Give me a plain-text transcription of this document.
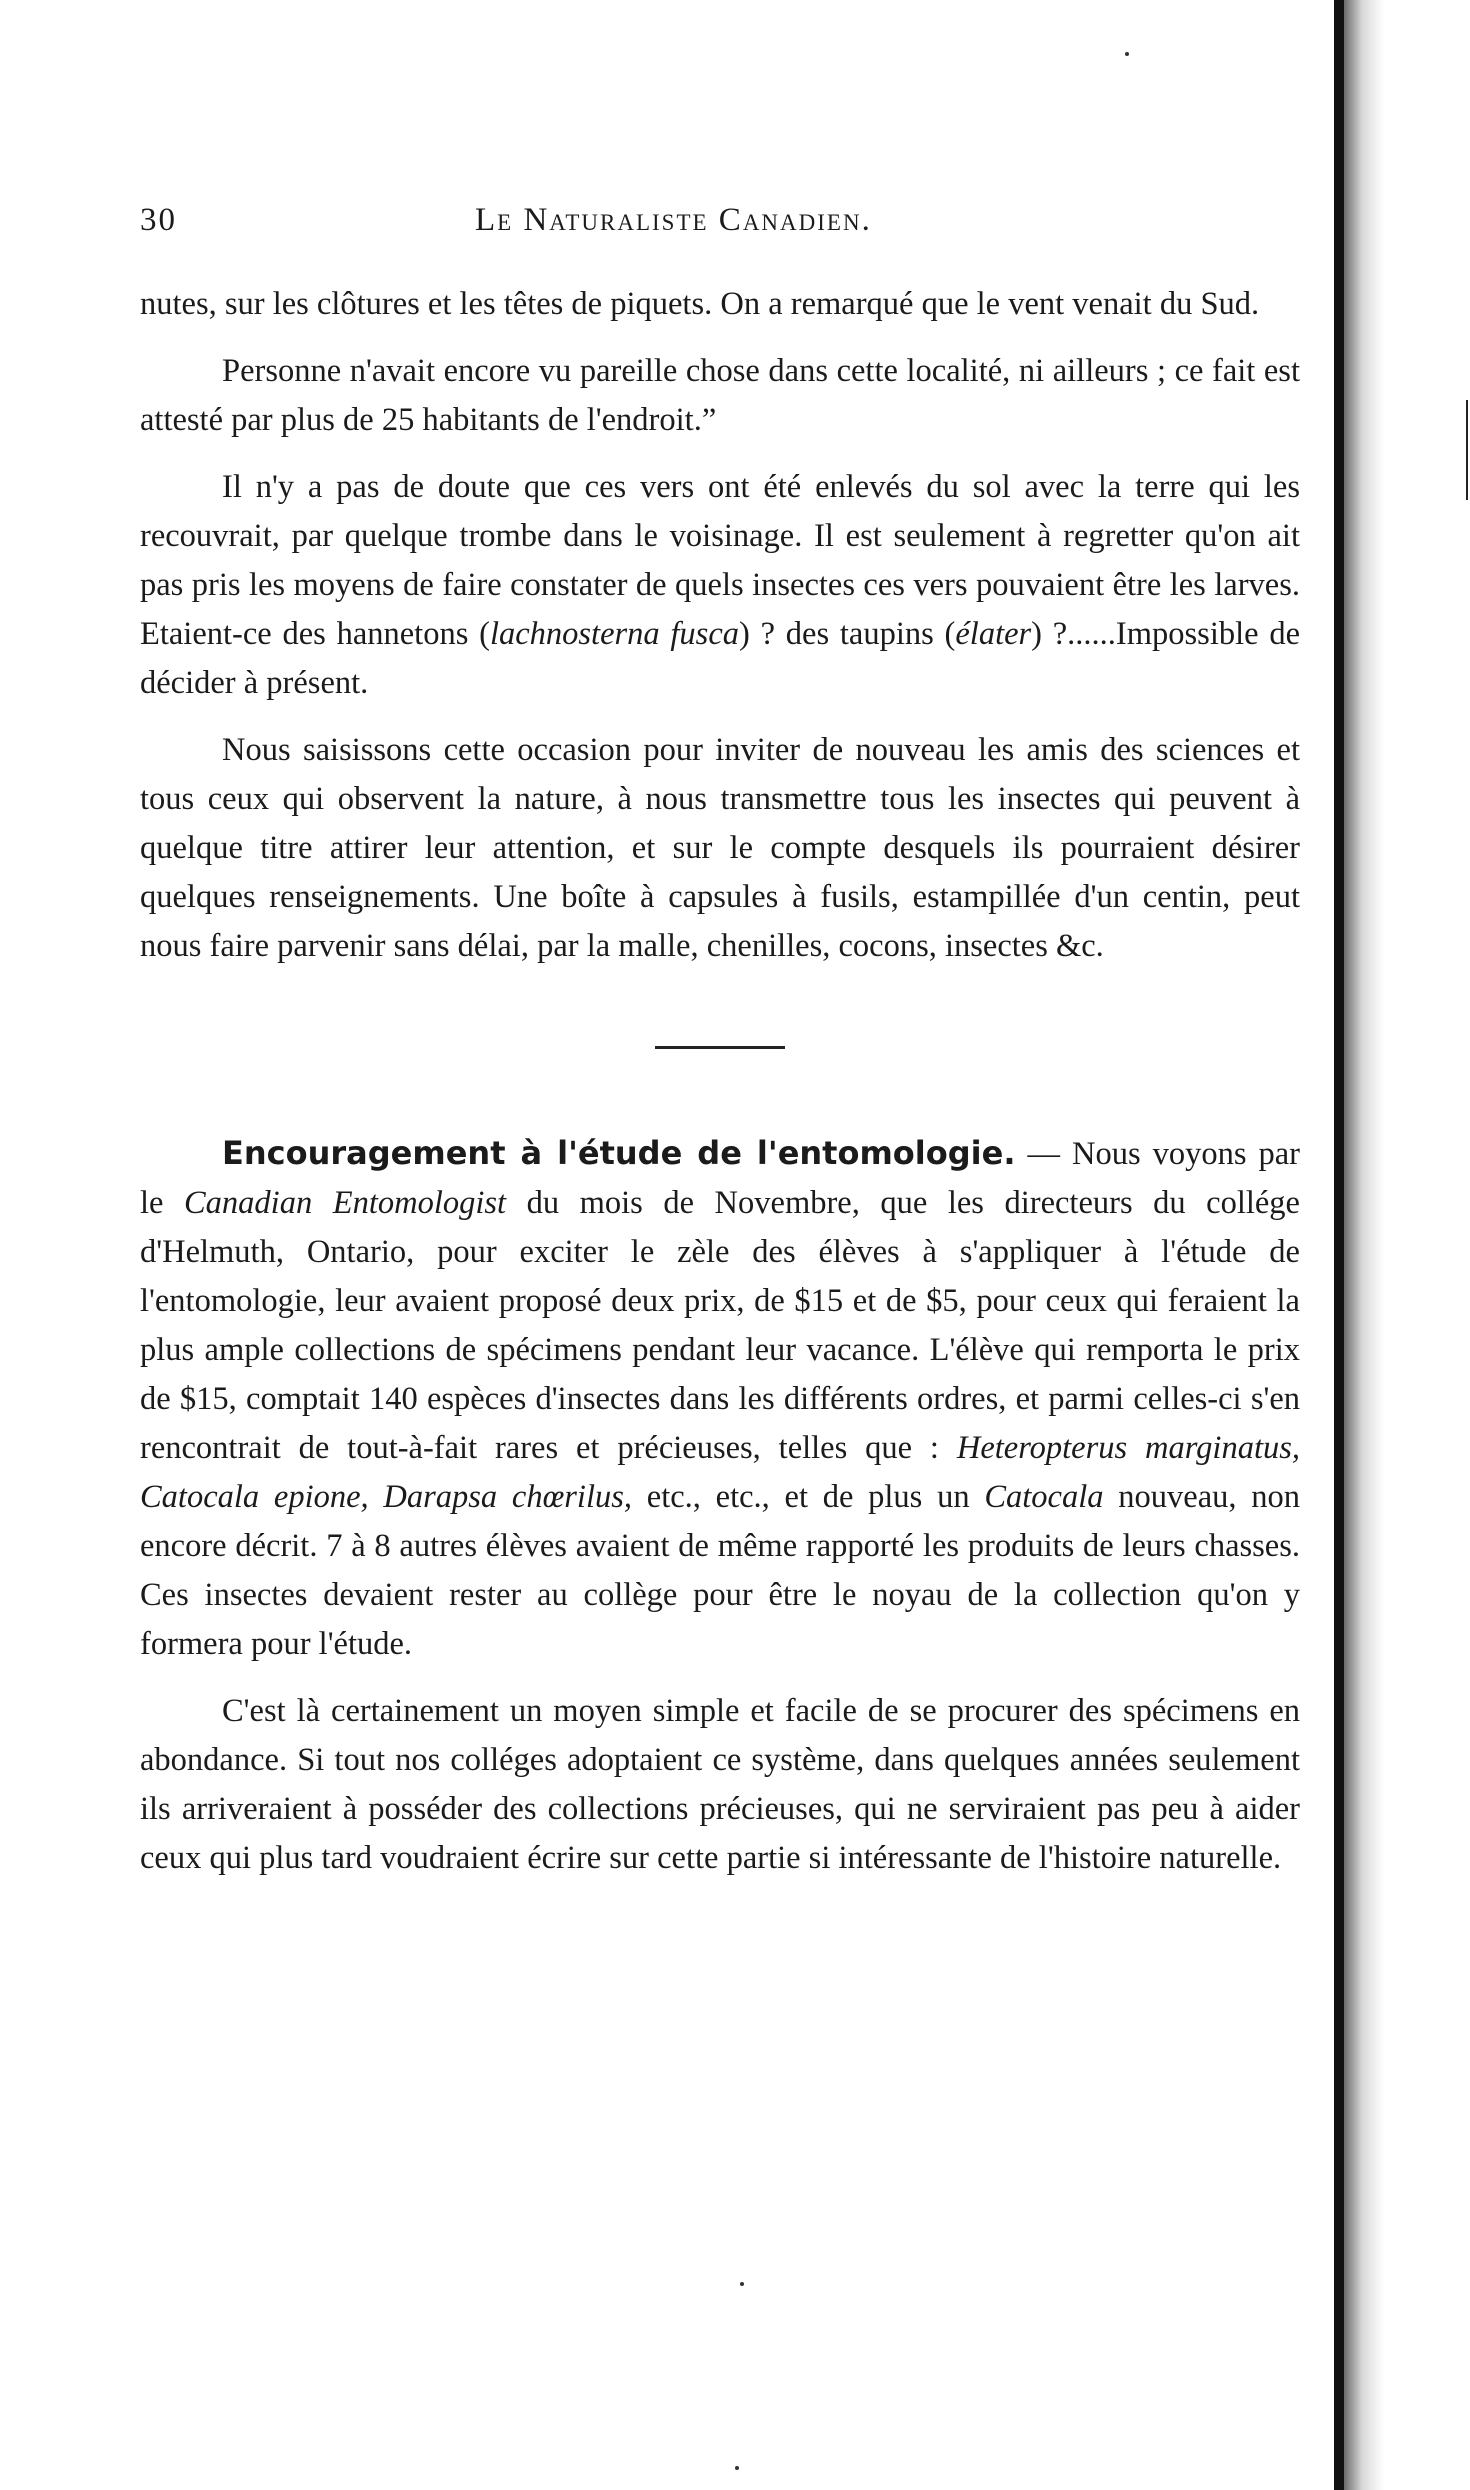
30	Le Naturaliste Canadien.

nutes, sur les clôtures et les têtes de piquets. On a remarqué que le vent venait du Sud.

Personne n'avait encore vu pareille chose dans cette localité, ni ailleurs ; ce fait est attesté par plus de 25 habitants de l'endroit.”

Il n'y a pas de doute que ces vers ont été enlevés du sol avec la terre qui les recouvrait, par quelque trombe dans le voisinage. Il est seulement à regretter qu'on ait pas pris les moyens de faire constater de quels insectes ces vers pouvaient être les larves. Etaient-ce des hannetons (lachnosterna fusca) ? des taupins (élater) ?......Impossible de décider à présent.

Nous saisissons cette occasion pour inviter de nouveau les amis des sciences et tous ceux qui observent la nature, à nous transmettre tous les insectes qui peuvent à quelque titre attirer leur attention, et sur le compte desquels ils pourraient désirer quelques renseignements. Une boîte à capsules à fusils, estampillée d'un centin, peut nous faire parvenir sans délai, par la malle, chenilles, cocons, insectes &c.

Encouragement à l'étude de l'entomologie. — Nous voyons par le Canadian Entomologist du mois de Novembre, que les directeurs du collége d'Helmuth, Ontario, pour exciter le zèle des élèves à s'appliquer à l'étude de l'entomologie, leur avaient proposé deux prix, de $15 et de $5, pour ceux qui feraient la plus ample collections de spécimens pendant leur vacance. L'élève qui remporta le prix de $15, comptait 140 espèces d'insectes dans les différents ordres, et parmi celles-ci s'en rencontrait de tout-à-fait rares et précieuses, telles que : Heteropterus marginatus, Catocala epione, Darapsa chœrilus, etc., etc., et de plus un Catocala nouveau, non encore décrit. 7 à 8 autres élèves avaient de même rapporté les produits de leurs chasses. Ces insectes devaient rester au collège pour être le noyau de la collection qu'on y formera pour l'étude.

C'est là certainement un moyen simple et facile de se procurer des spécimens en abondance. Si tout nos colléges adoptaient ce système, dans quelques années seulement ils arriveraient à posséder des collections précieuses, qui ne serviraient pas peu à aider ceux qui plus tard voudraient écrire sur cette partie si intéressante de l'histoire naturelle.
